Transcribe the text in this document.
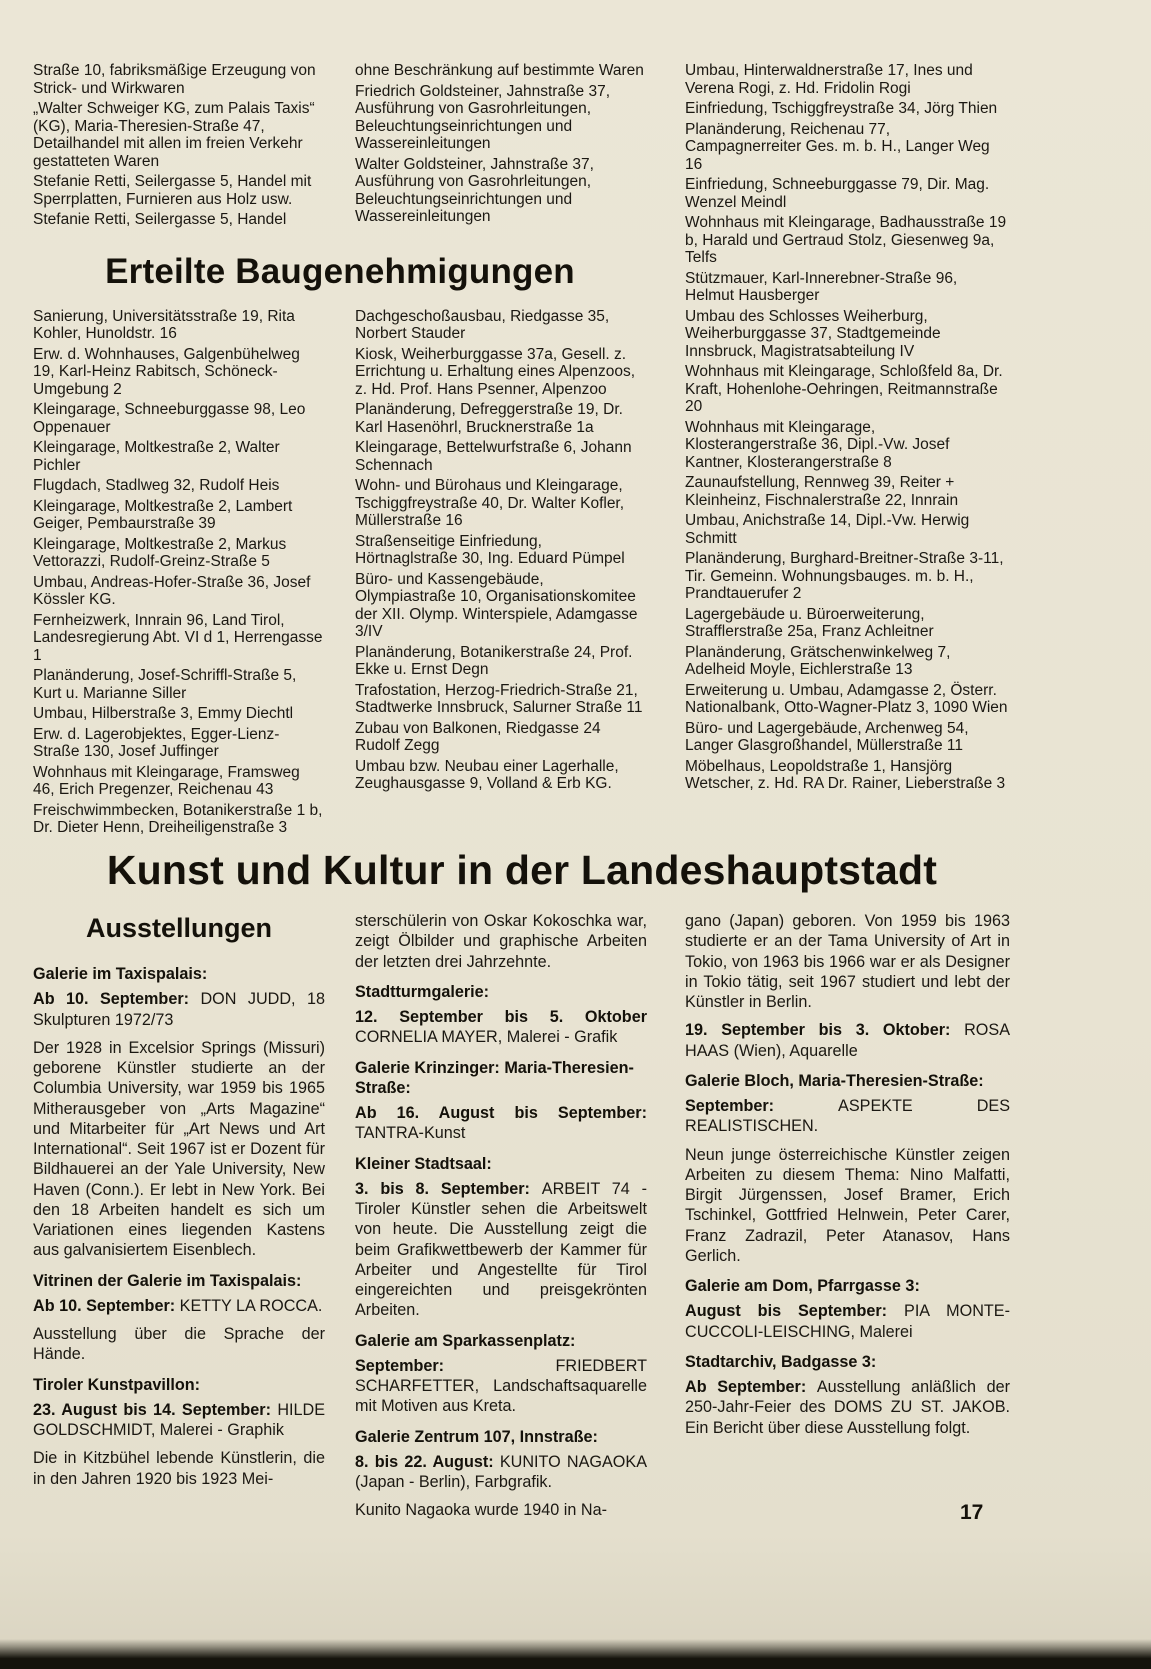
Straße 10, fabriksmäßige Erzeugung von Strick- und Wirkwaren

„Walter Schweiger KG, zum Palais Taxis“ (KG), Maria-Theresien-Straße 47, Detailhandel mit allen im freien Verkehr gestatteten Waren

Stefanie Retti, Seilergasse 5, Handel mit Sperrplatten, Furnieren aus Holz usw.

Stefanie Retti, Seilergasse 5, Handel

ohne Beschränkung auf bestimmte Waren

Friedrich Goldsteiner, Jahnstraße 37, Ausführung von Gasrohrleitungen, Beleuchtungseinrichtungen und Wassereinleitungen

Walter Goldsteiner, Jahnstraße 37, Ausführung von Gasrohrleitungen, Beleuchtungseinrichtungen und Wassereinleitungen

Erteilte Baugenehmigungen

Sanierung, Universitätsstraße 19, Rita Kohler, Hunoldstr. 16

Erw. d. Wohnhauses, Galgenbühelweg 19, Karl-Heinz Rabitsch, Schöneck-Umgebung 2

Kleingarage, Schneeburggasse 98, Leo Oppenauer

Kleingarage, Moltkestraße 2, Walter Pichler

Flugdach, Stadlweg 32, Rudolf Heis

Kleingarage, Moltkestraße 2, Lambert Geiger, Pembaurstraße 39

Kleingarage, Moltkestraße 2, Markus Vettorazzi, Rudolf-Greinz-Straße 5

Umbau, Andreas-Hofer-Straße 36, Josef Kössler KG.

Fernheizwerk, Innrain 96, Land Tirol, Landesregierung Abt. VI d 1, Herrengasse 1

Planänderung, Josef-Schriffl-Straße 5, Kurt u. Marianne Siller

Umbau, Hilberstraße 3, Emmy Diechtl

Erw. d. Lagerobjektes, Egger-Lienz-Straße 130, Josef Juffinger

Wohnhaus mit Kleingarage, Framsweg 46, Erich Pregenzer, Reichenau 43

Freischwimmbecken, Botanikerstraße 1 b, Dr. Dieter Henn, Dreiheiligenstraße 3

Dachgeschoßausbau, Riedgasse 35, Norbert Stauder

Kiosk, Weiherburggasse 37a, Gesell. z. Errichtung u. Erhaltung eines Alpenzoos, z. Hd. Prof. Hans Psenner, Alpenzoo

Planänderung, Defreggerstraße 19, Dr. Karl Hasenöhrl, Brucknerstraße 1a

Kleingarage, Bettelwurfstraße 6, Johann Schennach

Wohn- und Bürohaus und Kleingarage, Tschiggfreystraße 40, Dr. Walter Kofler, Müllerstraße 16

Straßenseitige Einfriedung, Hörtnaglstraße 30, Ing. Eduard Pümpel

Büro- und Kassengebäude, Olympiastraße 10, Organisationskomitee der XII. Olymp. Winterspiele, Adamgasse 3/IV

Planänderung, Botanikerstraße 24, Prof. Ekke u. Ernst Degn

Trafostation, Herzog-Friedrich-Straße 21, Stadtwerke Innsbruck, Salurner Straße 11

Zubau von Balkonen, Riedgasse 24 Rudolf Zegg

Umbau bzw. Neubau einer Lagerhalle, Zeughausgasse 9, Volland & Erb KG.

Umbau, Hinterwaldnerstraße 17, Ines und Verena Rogi, z. Hd. Fridolin Rogi

Einfriedung, Tschiggfreystraße 34, Jörg Thien

Planänderung, Reichenau 77, Campagnerreiter Ges. m. b. H., Langer Weg 16

Einfriedung, Schneeburggasse 79, Dir. Mag. Wenzel Meindl

Wohnhaus mit Kleingarage, Badhausstraße 19 b, Harald und Gertraud Stolz, Giesenweg 9a, Telfs

Stützmauer, Karl-Innerebner-Straße 96, Helmut Hausberger

Umbau des Schlosses Weiherburg, Weiherburggasse 37, Stadtgemeinde Innsbruck, Magistratsabteilung IV

Wohnhaus mit Kleingarage, Schloßfeld 8a, Dr. Kraft, Hohenlohe-Oehringen, Reitmannstraße 20

Wohnhaus mit Kleingarage, Klosterangerstraße 36, Dipl.-Vw. Josef Kantner, Klosterangerstraße 8

Zaunaufstellung, Rennweg 39, Reiter + Kleinheinz, Fischnalerstraße 22, Innrain

Umbau, Anichstraße 14, Dipl.-Vw. Herwig Schmitt

Planänderung, Burghard-Breitner-Straße 3-11, Tir. Gemeinn. Wohnungsbauges. m. b. H., Prandtauerufer 2

Lagergebäude u. Büroerweiterung, Strafflerstraße 25a, Franz Achleitner

Planänderung, Grätschenwinkelweg 7, Adelheid Moyle, Eichlerstraße 13

Erweiterung u. Umbau, Adamgasse 2, Österr. Nationalbank, Otto-Wagner-Platz 3, 1090 Wien

Büro- und Lagergebäude, Archenweg 54, Langer Glasgroßhandel, Müllerstraße 11

Möbelhaus, Leopoldstraße 1, Hansjörg Wetscher, z. Hd. RA Dr. Rainer, Lieberstraße 3

Kunst und Kultur in der Landeshauptstadt
Ausstellungen

Galerie im Taxispalais:

Ab 10. September: DON JUDD, 18 Skulpturen 1972/73

Der 1928 in Excelsior Springs (Missuri) geborene Künstler studierte an der Columbia University, war 1959 bis 1965 Mitherausgeber von „Arts Magazine“ und Mitarbeiter für „Art News und Art International“. Seit 1967 ist er Dozent für Bildhauerei an der Yale University, New Haven (Conn.). Er lebt in New York. Bei den 18 Arbeiten handelt es sich um Variationen eines liegenden Kastens aus galvanisiertem Eisenblech.

Vitrinen der Galerie im Taxispalais:

Ab 10. September: KETTY LA ROCCA.

Ausstellung über die Sprache der Hände.

Tiroler Kunstpavillon:

23. August bis 14. September: HILDE GOLDSCHMIDT, Malerei - Graphik

Die in Kitzbühel lebende Künstlerin, die in den Jahren 1920 bis 1923 Mei-

sterschülerin von Oskar Kokoschka war, zeigt Ölbilder und graphische Arbeiten der letzten drei Jahrzehnte.

Stadtturmgalerie:

12. September bis 5. Oktober CORNELIA MAYER, Malerei - Grafik

Galerie Krinzinger: Maria-Theresien-Straße:

Ab 16. August bis September: TANTRA-Kunst

Kleiner Stadtsaal:

3. bis 8. September: ARBEIT 74 - Tiroler Künstler sehen die Arbeitswelt von heute. Die Ausstellung zeigt die beim Grafikwettbewerb der Kammer für Arbeiter und Angestellte für Tirol eingereichten und preisgekrönten Arbeiten.

Galerie am Sparkassenplatz:

September: FRIEDBERT SCHARFETTER, Landschaftsaquarelle mit Motiven aus Kreta.

Galerie Zentrum 107, Innstraße:

8. bis 22. August: KUNITO NAGAOKA (Japan - Berlin), Farbgrafik.

Kunito Nagaoka wurde 1940 in Na-

gano (Japan) geboren. Von 1959 bis 1963 studierte er an der Tama University of Art in Tokio, von 1963 bis 1966 war er als Designer in Tokio tätig, seit 1967 studiert und lebt der Künstler in Berlin.

19. September bis 3. Oktober: ROSA HAAS (Wien), Aquarelle

Galerie Bloch, Maria-Theresien-Straße:

September: ASPEKTE DES REALISTISCHEN.

Neun junge österreichische Künstler zeigen Arbeiten zu diesem Thema: Nino Malfatti, Birgit Jürgenssen, Josef Bramer, Erich Tschinkel, Gottfried Helnwein, Peter Carer, Franz Zadrazil, Peter Atanasov, Hans Gerlich.

Galerie am Dom, Pfarrgasse 3:

August bis September: PIA MONTE-CUCCOLI-LEISCHING, Malerei

Stadtarchiv, Badgasse 3:

Ab September: Ausstellung anläßlich der 250-Jahr-Feier des DOMS ZU ST. JAKOB. Ein Bericht über diese Ausstellung folgt.

17
